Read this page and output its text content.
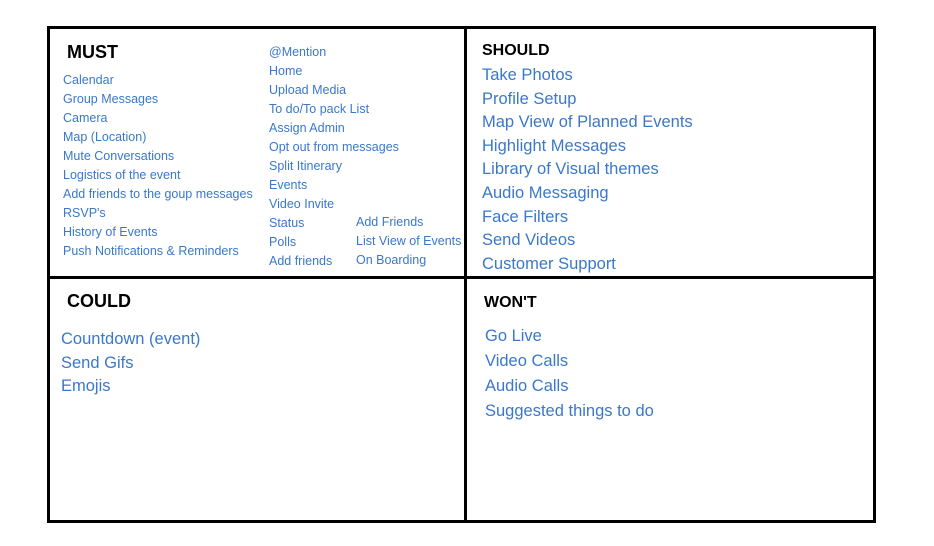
MUST
Calendar
Group Messages
Camera
Map (Location)
Mute Conversations
Logistics of the event
Add friends to the goup messages
RSVP's
History of Events
Push Notifications & Reminders
@Mention
Home
Upload Media
To do/To pack List
Assign Admin
Opt out from messages
Split Itinerary
Events
Video Invite
Status
Polls
Add friends
Add Friends
List View of Events
On Boarding
SHOULD
Take Photos
Profile Setup
Map View of Planned Events
Highlight Messages
Library of Visual themes
Audio Messaging
Face Filters
Send Videos
Customer Support
COULD
Countdown (event)
Send Gifs
Emojis
WON'T
Go Live
Video Calls
Audio Calls
Suggested things to do
